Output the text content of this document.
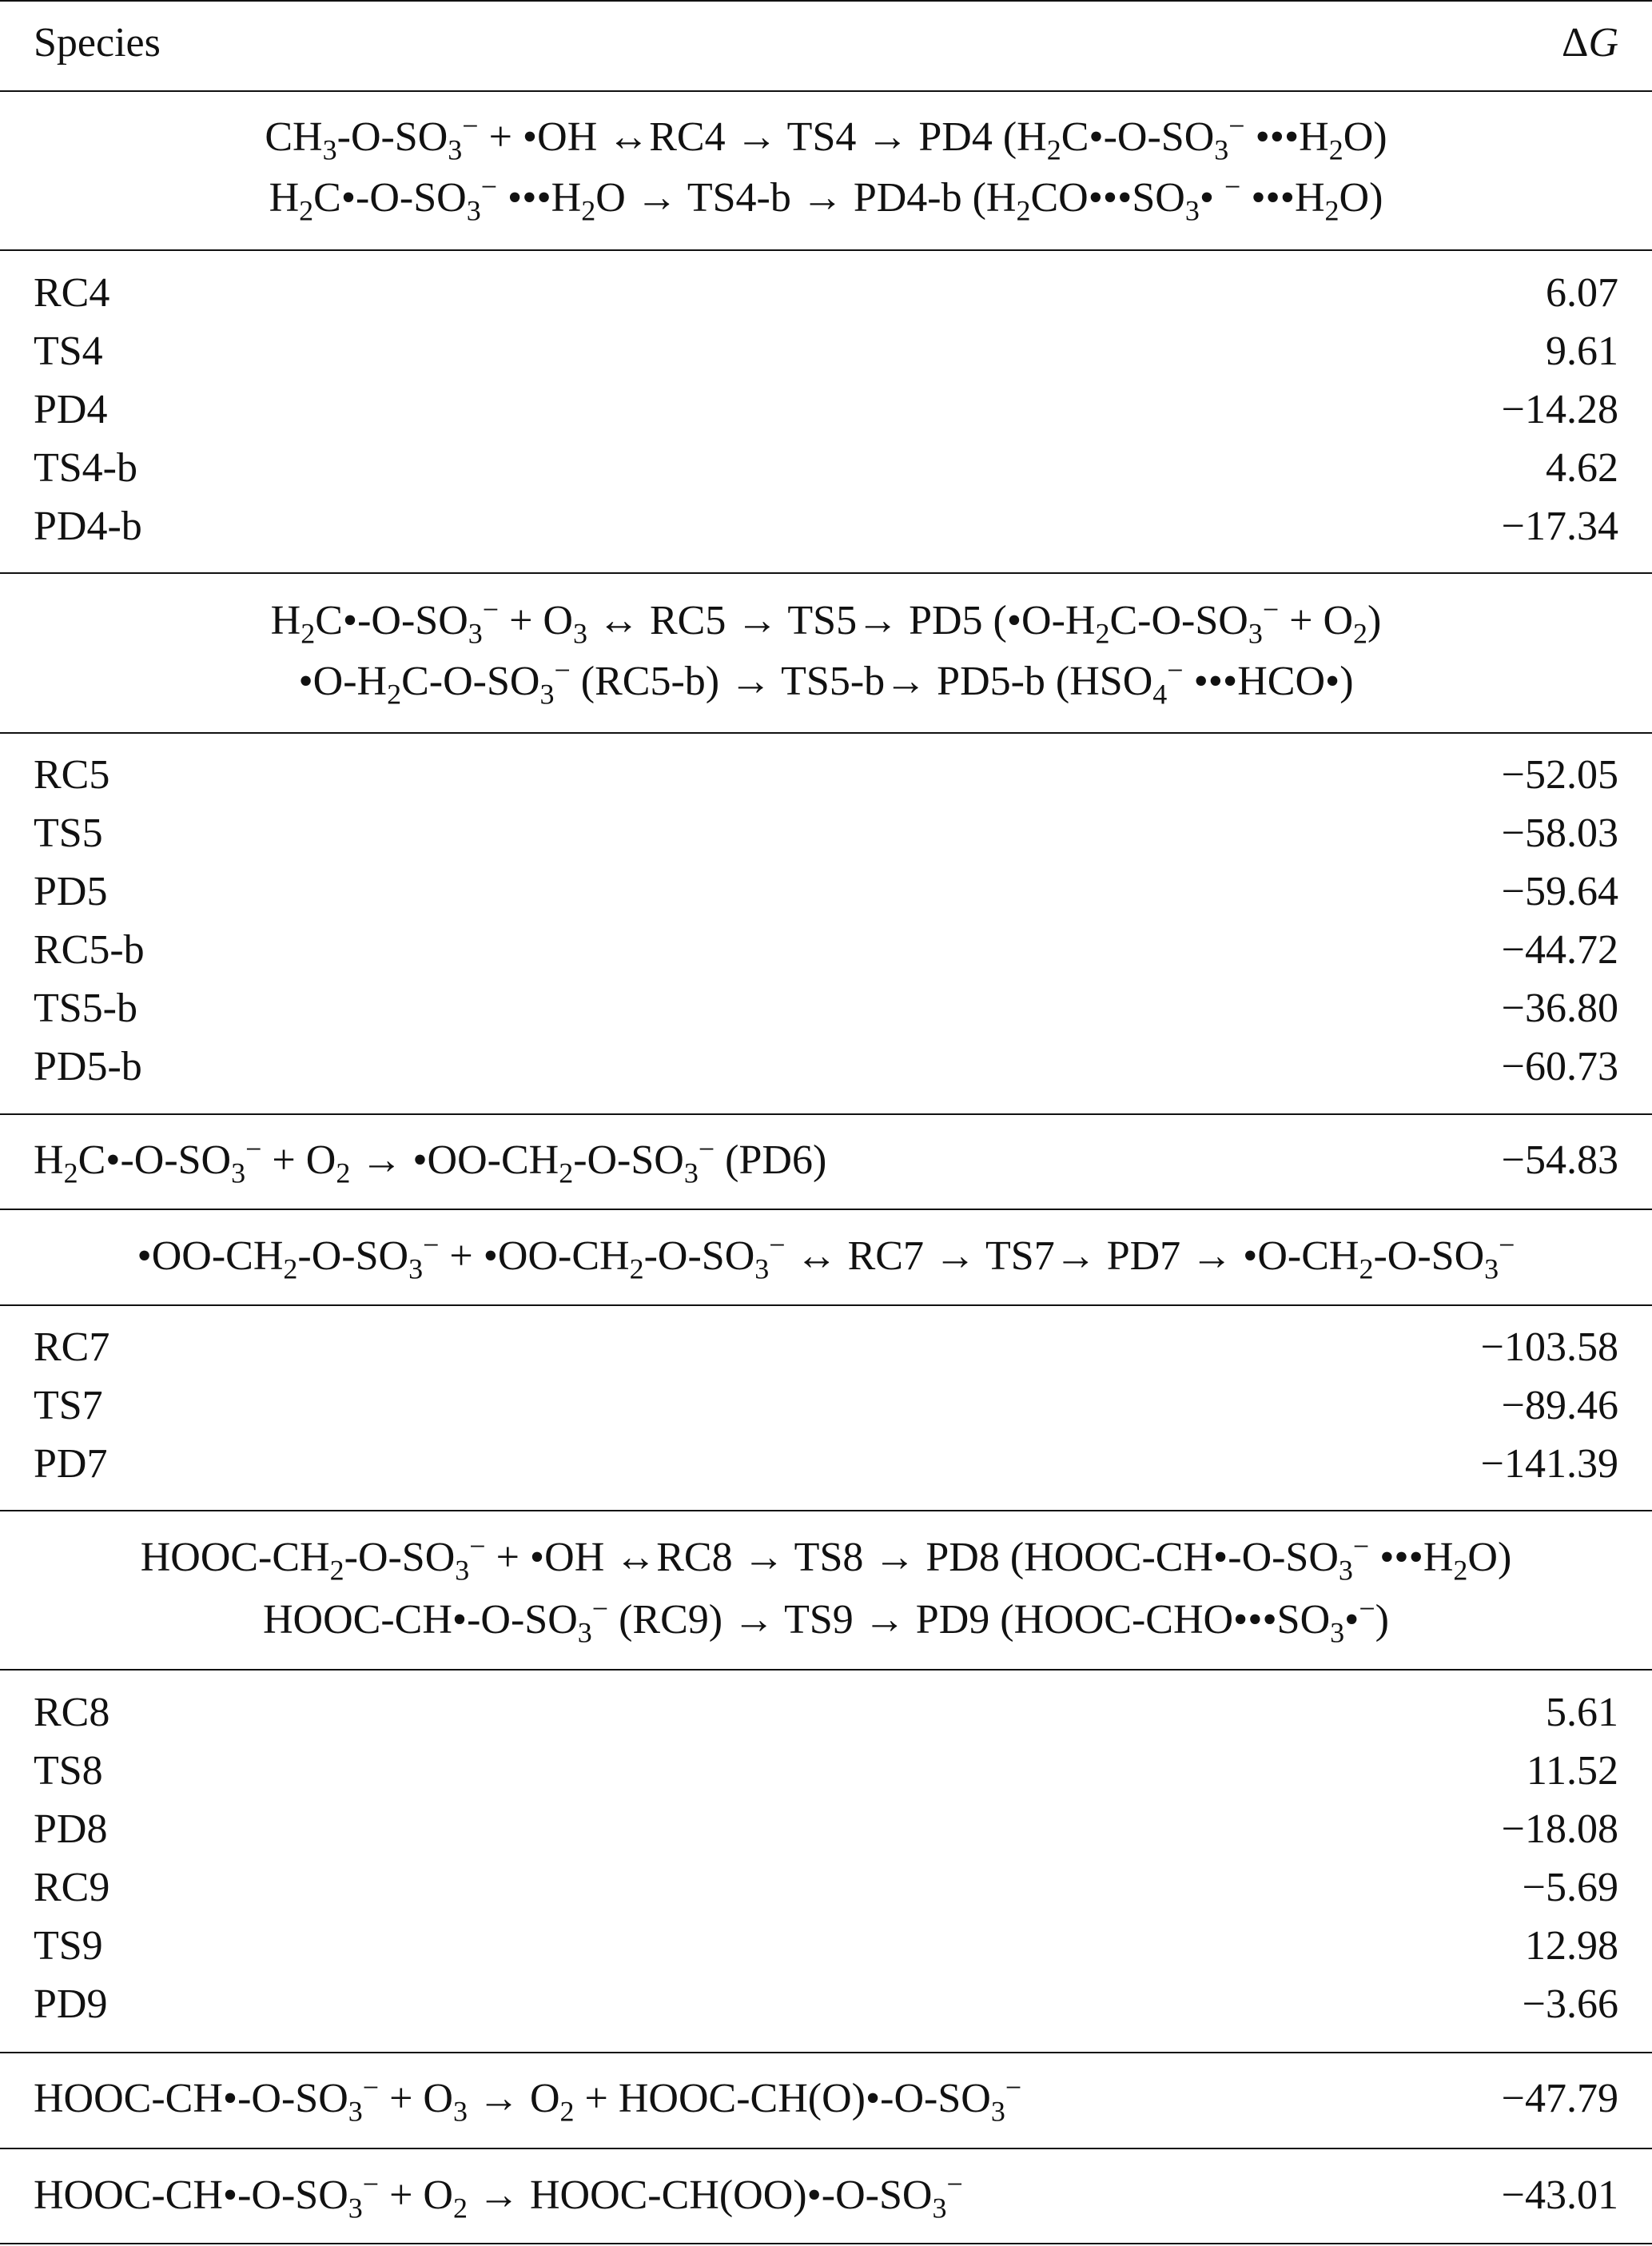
Species	ΔG
$CH_3-O-SO_3^-$ + •OH ↔RC4 → TS4 → PD4 ($H_2C•-O-SO_3^-$ $•••H_2O$)
$H_2C•-O-SO_3^-$ $•••H_2O \to TS4-b \to PD4-b$ ($H_2CO•••SO_3•$ − $•••H_2O$)
RC4	6.07
TS4	9.61
PD4	−14.28
TS4-b	4.62
PD4-b	−17.34
$H_2C•-O-SO_3^- + O_3$ ↔ RC5 → TS5→ PD5 $(•O-H_2C-O-SO_3^- + O_2)$
$•O-H_2C-O-SO_3^-$ (RC5-b) → TS5-b→ PD5-b ($HSO_4^-$ •••HCO•)
RC5	−52.05
TS5	−58.03
PD5	−59.64
RC5-b	−44.72
TS5-b	−36.80
PD5-b	−60.73
$H_2C•-O-SO_3^- + O_2$ → $•OO-CH_2-O-SO_3^-$ (PD6)	−54.83
$•OO-CH_2-O-SO_3^-$ + $•OO-CH_2-O-SO_3^-$ ↔ $RC7 \to TS7\to PD7 \to •O-CH_2-O-SO_3^-$
RC7	−103.58
TS7	−89.46
PD7	−141.39
HOOC-$CH_2-O-SO_3^-$ + •OH ↔RC8 → TS8 → PD8 ($HOOC-CH•-O-SO_3^-$ $•••H_2O$)
HOOC-$CH•-O-SO_3^-$ (RC9) → TS9 → PD9 $(HOOC-CHO•••SO_3•^-)$
RC8	5.61
TS8	11.52
PD8	−18.08
RC9	−5.69
TS9	12.98
PD9	−3.66
HOOC-$CH•-O-SO_3^- + O_3 \to O_2$ + HOOC-$CH(O)•-O-SO_3^-$	−47.79
HOOC-$CH•-O-SO_3^- + O_2$ → HOOC-$CH(OO)•-O-SO_3^-$	−43.01
